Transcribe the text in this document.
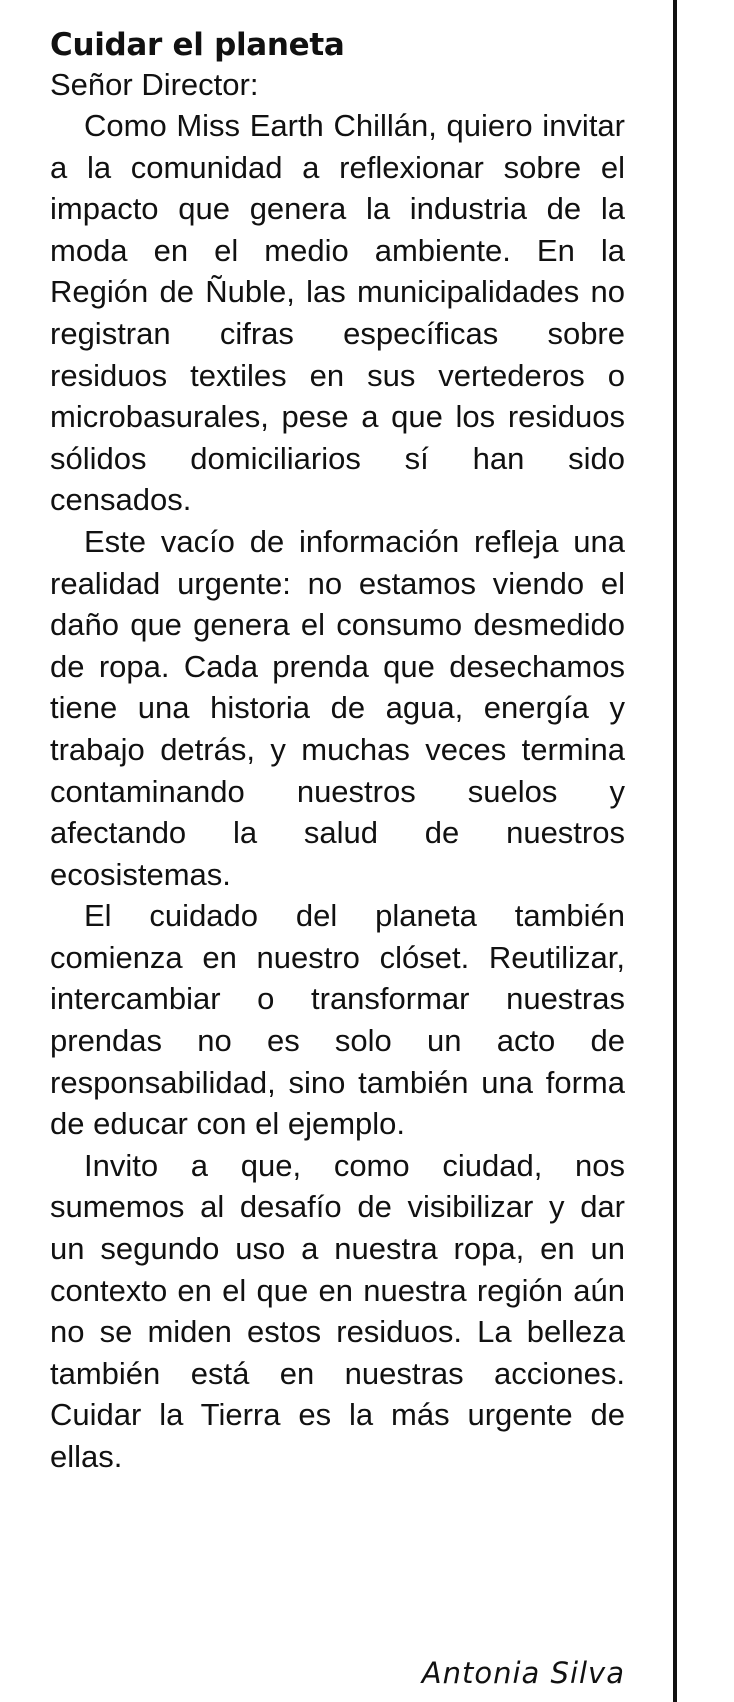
Cuidar el planeta

Señor Director:

Como Miss Earth Chillán, quiero invitar a la comunidad a reflexionar sobre el impacto que genera la industria de la moda en el medio ambiente. En la Región de Ñuble, las municipalidades no registran cifras específicas sobre residuos textiles en sus vertederos o microbasurales, pese a que los residuos sólidos domiciliarios sí han sido censados.

Este vacío de información refleja una realidad urgente: no estamos viendo el daño que genera el consumo desmedido de ropa. Cada prenda que desechamos tiene una historia de agua, energía y trabajo detrás, y muchas veces termina contaminando nuestros suelos y afectando la salud de nuestros ecosistemas.

El cuidado del planeta también comienza en nuestro clóset. Reutilizar, intercambiar o transformar nuestras prendas no es solo un acto de responsabilidad, sino también una forma de educar con el ejemplo.

Invito a que, como ciudad, nos sumemos al desafío de visibilizar y dar un segundo uso a nuestra ropa, en un contexto en el que en nuestra región aún no se miden estos residuos. La belleza también está en nuestras acciones. Cuidar la Tierra es la más urgente de ellas.

Antonia Silva
